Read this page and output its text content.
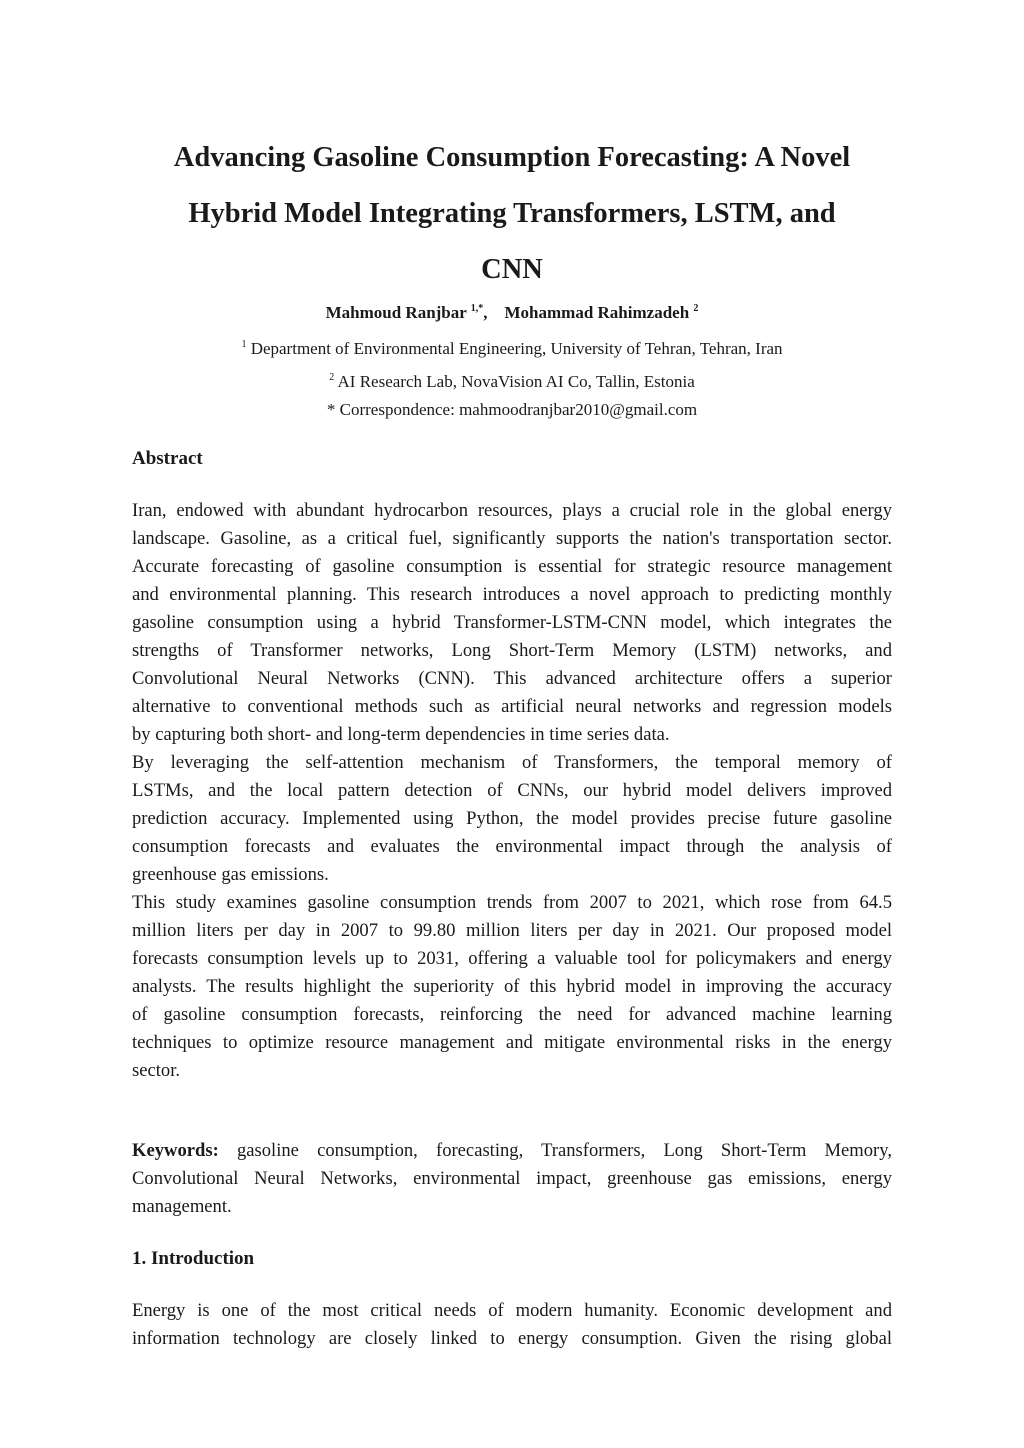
Advancing Gasoline Consumption Forecasting: A Novel
Hybrid Model Integrating Transformers, LSTM, and
CNN
Mahmoud Ranjbar $^{1,*}$, Mohammad Rahimzadeh $^2$
$^1$ Department of Environmental Engineering, University of Tehran, Tehran, Iran
$^2$ AI Research Lab, NovaVision AI Co, Tallin, Estonia
* Correspondence: mahmoodranjbar2010@gmail.com
Abstract
Iran, endowed with abundant hydrocarbon resources, plays a crucial role in the global energy
landscape. Gasoline, as a critical fuel, significantly supports the nation's transportation sector.
Accurate forecasting of gasoline consumption is essential for strategic resource management
and environmental planning. This research introduces a novel approach to predicting monthly
gasoline consumption using a hybrid Transformer-LSTM-CNN model, which integrates the
strengths of Transformer networks, Long Short-Term Memory (LSTM) networks, and
Convolutional Neural Networks (CNN). This advanced architecture offers a superior
alternative to conventional methods such as artificial neural networks and regression models
by capturing both short- and long-term dependencies in time series data.
By leveraging the self-attention mechanism of Transformers, the temporal memory of
LSTMs, and the local pattern detection of CNNs, our hybrid model delivers improved
prediction accuracy. Implemented using Python, the model provides precise future gasoline
consumption forecasts and evaluates the environmental impact through the analysis of
greenhouse gas emissions.
This study examines gasoline consumption trends from 2007 to 2021, which rose from 64.5
million liters per day in 2007 to 99.80 million liters per day in 2021. Our proposed model
forecasts consumption levels up to 2031, offering a valuable tool for policymakers and energy
analysts. The results highlight the superiority of this hybrid model in improving the accuracy
of gasoline consumption forecasts, reinforcing the need for advanced machine learning
techniques to optimize resource management and mitigate environmental risks in the energy
sector.
Keywords: gasoline consumption, forecasting, Transformers, Long Short-Term Memory,
Convolutional Neural Networks, environmental impact, greenhouse gas emissions, energy
management.
1. Introduction
Energy is one of the most critical needs of modern humanity. Economic development and
information technology are closely linked to energy consumption. Given the rising global
